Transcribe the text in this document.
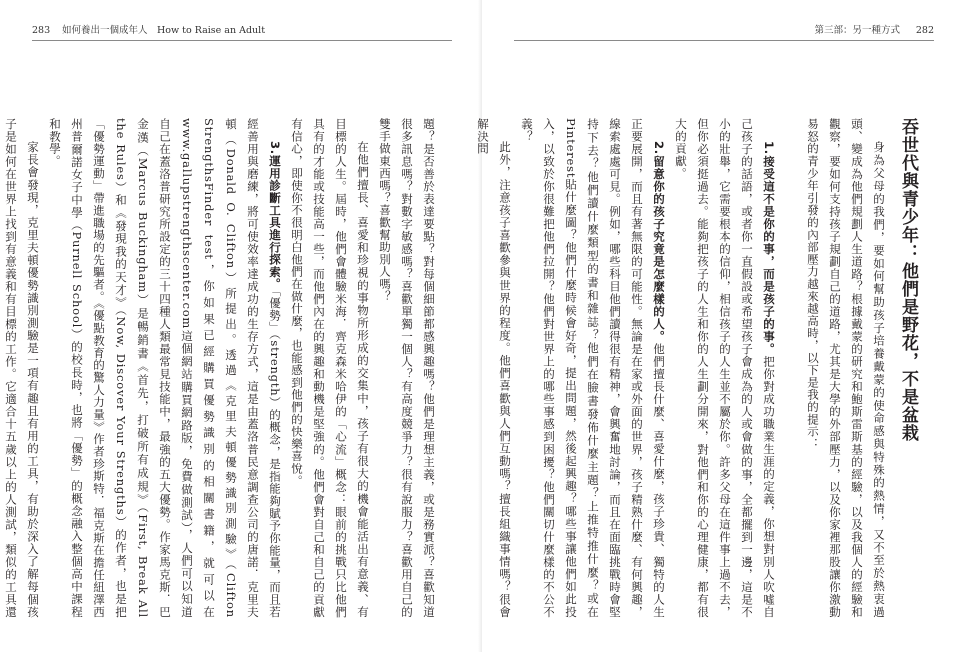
283 如何養出一個成年人　How to Raise an Adult

題？是否善於表達要點？對每個細節都感興趣嗎？他們是理想主義，或是務實派？喜歡知道很多訊息嗎？對數字敏感嗎？喜歡單獨一個人？有高度競爭力？很有說服力？喜歡用自己的雙手做東西嗎？喜歡幫助別人嗎？

在他們擅長、喜愛和珍視的事物所形成的交集中，孩子有很大的機會能活出有意義、有目標的人生。屆時，他們會體驗米海．齊克森米哈伊的「心流」概念：眼前的挑戰只比他們具有的才能或技能高一些，而他們內在的興趣和動機是堅強的。他們會對自己和自己的貢獻有信心，即使你不很明白他們在做什麼，也能感到他們的快樂喜悅。

3.運用診斷工具進行探索。「優勢」（strength）的概念，是指能夠賦予你能量，而且若經善用與磨練，將可使效率達成功的生存方式，這是由蓋洛普民意調查公司的唐諾．克里夫頓（Donald O. Clifton）所提出。透過《克里夫頓優勢識別測驗》（Clifton StrengthsFinder test，你如果已經購買優勢識別的相關書籍，就可以在www.gallupstrengthscenter.com這個網站購買網路版，免費做測試），人們可以知道自己在蓋洛普研究所設定的三十四種人類最常見技能中，最強的五大優勢。作家馬克斯．巴金漢（Marcus Buckingham）是暢銷書《首先，打破所有成規》（First, Break All the Rules）和《發現我的天才》（Now, Discover Your Strengths）的作者，也是把「優勢運動」帶進職場的先驅者。《優點教育的驚人力量》作者珍斯特．福克斯在擔任紐澤西州普爾諾女子中學（Purnell School）的校長時，也將「優勢」的概念融入整個高中課程和教學。

家長會發現，克里夫頓優勢識別測驗是一項有趣且有用的工具，有助於深入了解每個孩子是如何在世界上找到有意義和有目標的工作。它適合十五歲以上的人測試，類似的工具還

第三部：另一種方式 282

吞世代與青少年：他們是野花，不是盆栽

身為父母的我們，要如何幫助孩子培養戴蒙的使命感與特殊的熱情，又不至於熱衷過頭、變成為他們規劃人生道路？根據戴蒙的研究和鮑斯雷斯基的經驗，以及我個人的經驗和觀察，要如何支持孩子規劃自己的道路，尤其是大學的外部壓力，以及你家裡那股讓你激動易怒的青少年引發的內部壓力越來越高時，以下是我的提示：

1.接受這不是你的事，而是孩子的事。把你對成功職業生涯的定義，你想對別人吹噓自己孩子的話語，或者你一直假設或希望孩子會成為的人或會做的事，全都擺到一邊，這是不小的壯舉，它需要根本的信仰，相信孩子的人生並不屬於你。許多父母在這件事上過不去，但你必須挺過去。能夠把孩子的人生和你的人生劃分開來，對他們和你的心理健康，都有很大的貢獻。

2.留意你的孩子究竟是怎麼樣的人。他們擅長什麼、喜愛什麼，孩子珍貴、獨特的人生正要展開，而且有著無限的可能性。無論是在家或外面的世界，孩子精熟什麼、有何興趣，線索處處可見。例如，哪些科目他們讀得很有精神，會興奮地討論，而且在面臨挑戰時會堅持下去？他們讀什麼類型的書和雜誌？他們在臉書發佈什麼主題？上推特推什麼？或在Pinterest貼什麼圖？他們什麼時候會好奇，提出問題，然後起興趣？哪些事讓他們如此投入，以致於你很難把他們拉開？他們對世界上的哪些事感到困擾？他們關切什麼樣的不公不義？

此外，注意孩子喜歡參與世界的程度。他們喜歡與人們互動嗎？擅長組織事情嗎？很會解決問
